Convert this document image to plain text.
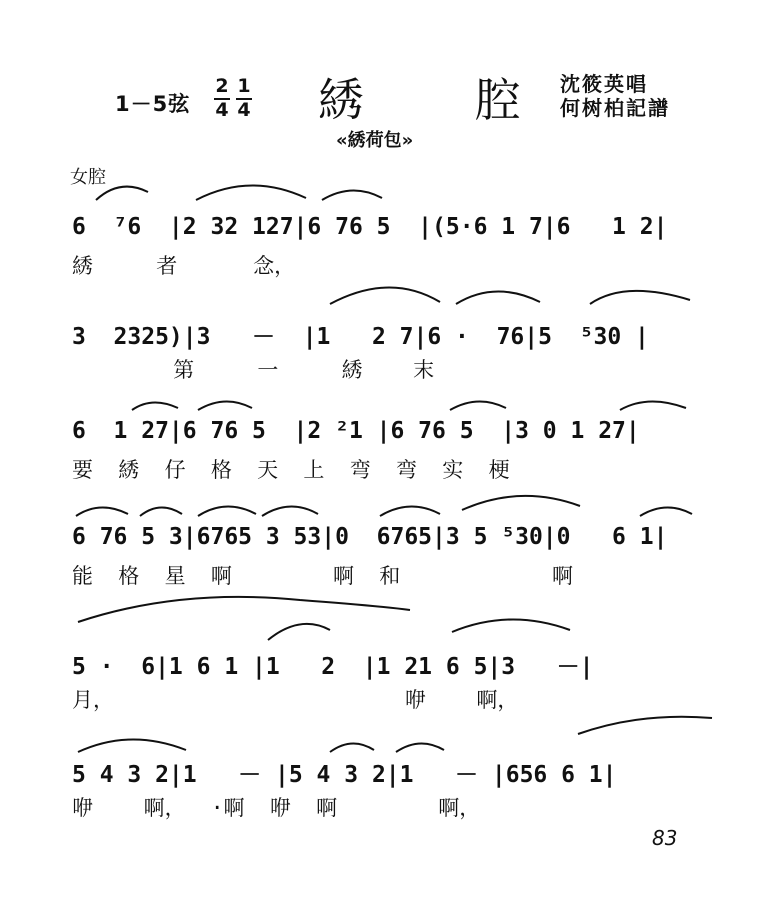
1－5弦
2
4
1
4 綉 腔
沈筱英唱
何树柏記譜
«綉荷包»
女腔
6  ⁷6  |2 32 127|6 76 5  |(5·6 1 7|6   1 2|
綉     者      念，
3  2325)|3   －  |1   2 7|6 ·  76|5  ⁵30 |
第     一     綉    末
6  1 27|6 76 5  |2 ²1 |6 76 5  |3 0 1 27|
要  綉  仔  格  天  上  弯  弯  实  梗
6 76 5 3|6765 3 53|0  6765|3 5 ⁵30|0   6 1|
能  格  星  啊        啊  和            啊
5 ·  6|1 6 1 |1   2  |1 21 6 5|3   －|
月，                       咿    啊，
5 4 3 2|1   － |5 4 3 2|1   － |656 6 1|
咿    啊，  ·啊  咿  啊        啊，
83
